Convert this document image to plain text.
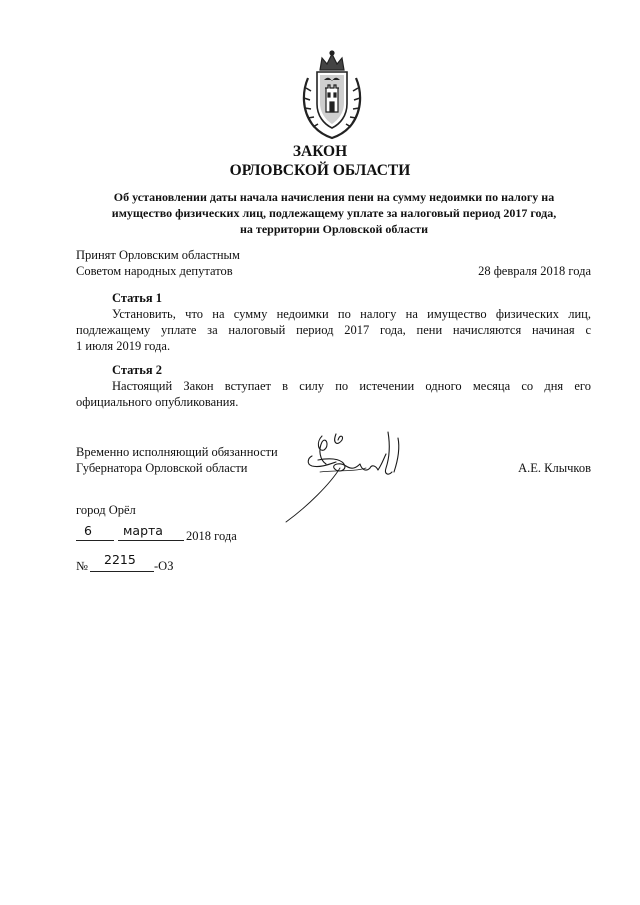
ЗАКОН
ОРЛОВСКОЙ ОБЛАСТИ
Об установлении даты начала начисления пени на сумму недоимки по налогу на
имущество физических лиц, подлежащему уплате за налоговый период 2017 года,
на территории Орловской области
Принят Орловским областным
Советом народных депутатов	28 февраля 2018 года
Статья 1
Установить, что на сумму недоимки по налогу на имущество физических лиц,
подлежащему уплате за налоговый период 2017 года, пени начисляются начиная с
1 июля 2019 года.
Статья 2
Настоящий Закон вступает в силу по истечении одного месяца со дня его
официального опубликования.
Временно исполняющий обязанности
Губернатора Орловской области	А.Е. Клычков
город Орёл
6 марта 2018 года
№ 2215 -ОЗ
